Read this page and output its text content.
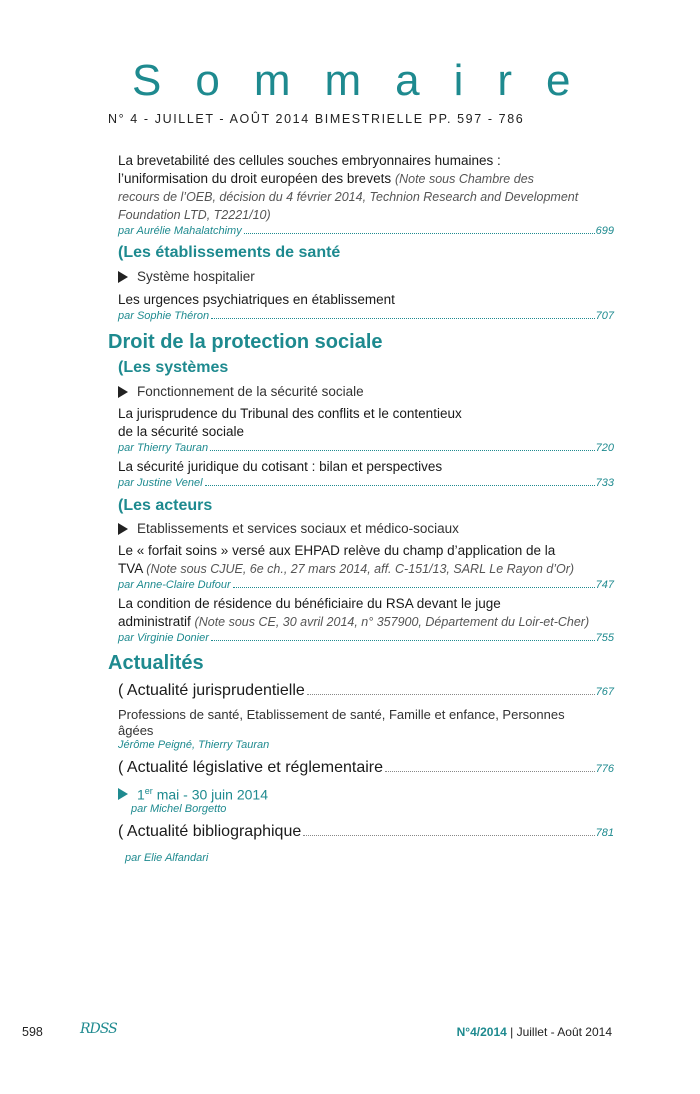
Sommaire
N° 4 - JUILLET - AOÛT 2014 BIMESTRIELLE PP. 597 - 786
La brevetabilité des cellules souches embryonnaires humaines :
l’uniformisation du droit européen des brevets (Note sous Chambre des
recours de l’OEB, décision du 4 février 2014, Technion Research and Development
Foundation LTD, T2221/10)
par Aurélie Mahalatchimy	699
(Les établissements de santé
Système hospitalier
Les urgences psychiatriques en établissement
par Sophie Théron	707
Droit de la protection sociale
(Les systèmes
Fonctionnement de la sécurité sociale
La jurisprudence du Tribunal des conflits et le contentieux
de la sécurité sociale
par Thierry Tauran	720
La sécurité juridique du cotisant : bilan et perspectives
par Justine Venel	733
(Les acteurs
Etablissements et services sociaux et médico-sociaux
Le « forfait soins » versé aux EHPAD relève du champ d’application de la
TVA (Note sous CJUE, 6e ch., 27 mars 2014, aff. C-151/13, SARL Le Rayon d’Or)
par Anne-Claire Dufour	747
La condition de résidence du bénéficiaire du RSA devant le juge
administratif (Note sous CE, 30 avril 2014, n° 357900, Département du Loir-et-Cher)
par Virginie Donier	755
Actualités
( Actualité jurisprudentielle	767
Professions de santé, Etablissement de santé, Famille et enfance, Personnes
âgées
Jérôme Peigné, Thierry Tauran
( Actualité législative et réglementaire	776
1er mai - 30 juin 2014
par Michel Borgetto
( Actualité bibliographique	781
par Elie Alfandari
598	RDSS	N°4/2014 | Juillet - Août 2014
